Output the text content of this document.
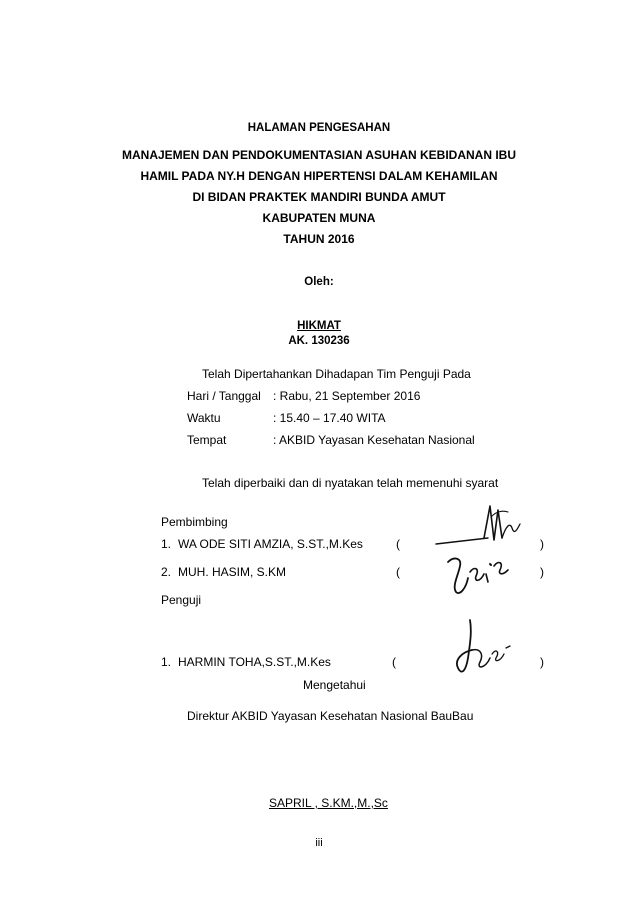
HALAMAN PENGESAHAN
MANAJEMEN DAN PENDOKUMENTASIAN ASUHAN KEBIDANAN IBU
HAMIL PADA NY.H DENGAN HIPERTENSI DALAM KEHAMILAN
DI BIDAN PRAKTEK MANDIRI BUNDA AMUT
KABUPATEN MUNA
TAHUN 2016
Oleh:
HIKMAT
AK. 130236
Telah Dipertahankan Dihadapan Tim Penguji Pada
Hari / Tanggal : Rabu, 21 September 2016
Waktu	: 15.40 – 17.40 WITA
Tempat	: AKBID Yayasan Kesehatan Nasional
Telah diperbaiki dan di nyatakan telah memenuhi syarat
Pembimbing
1. WA ODE SITI AMZIA, S.ST.,M.Kes	(	)
2. MUH. HASIM, S.KM	(	)
Penguji
1. HARMIN TOHA,S.ST.,M.Kes	(	)
Mengetahui
Direktur AKBID Yayasan Kesehatan Nasional BauBau
SAPRIL , S.KM.,M.,Sc
iii
